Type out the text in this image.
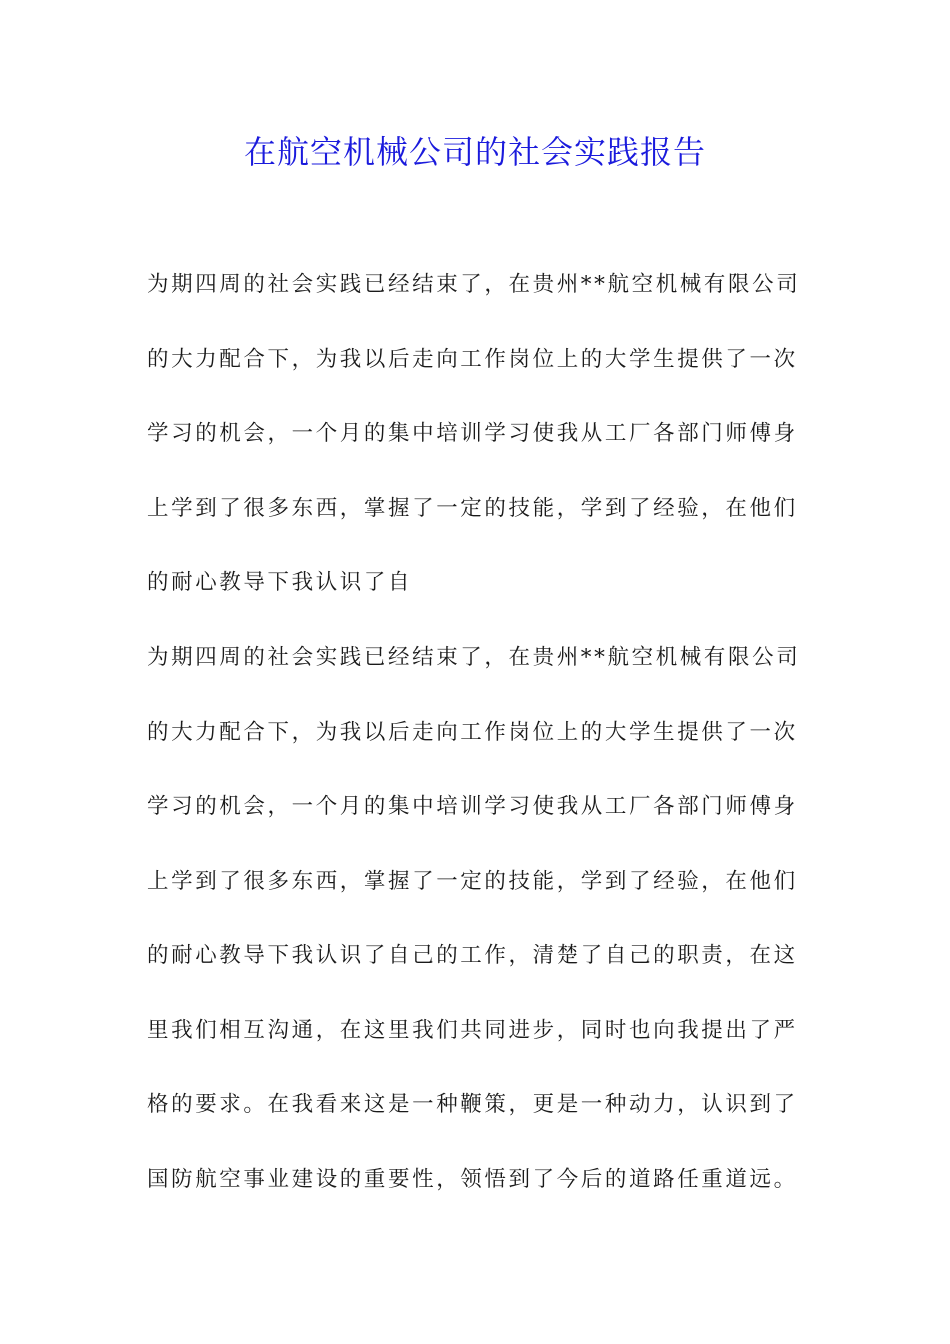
在航空机械公司的社会实践报告

为期四周的社会实践已经结束了，在贵州**航空机械有限公司

的大力配合下，为我以后走向工作岗位上的大学生提供了一次

学习的机会，一个月的集中培训学习使我从工厂各部门师傅身

上学到了很多东西，掌握了一定的技能，学到了经验，在他们

的耐心教导下我认识了自

为期四周的社会实践已经结束了，在贵州**航空机械有限公司

的大力配合下，为我以后走向工作岗位上的大学生提供了一次

学习的机会，一个月的集中培训学习使我从工厂各部门师傅身

上学到了很多东西，掌握了一定的技能，学到了经验，在他们

的耐心教导下我认识了自己的工作，清楚了自己的职责，在这

里我们相互沟通，在这里我们共同进步，同时也向我提出了严

格的要求。在我看来这是一种鞭策，更是一种动力，认识到了

国防航空事业建设的重要性，领悟到了今后的道路任重道远。
